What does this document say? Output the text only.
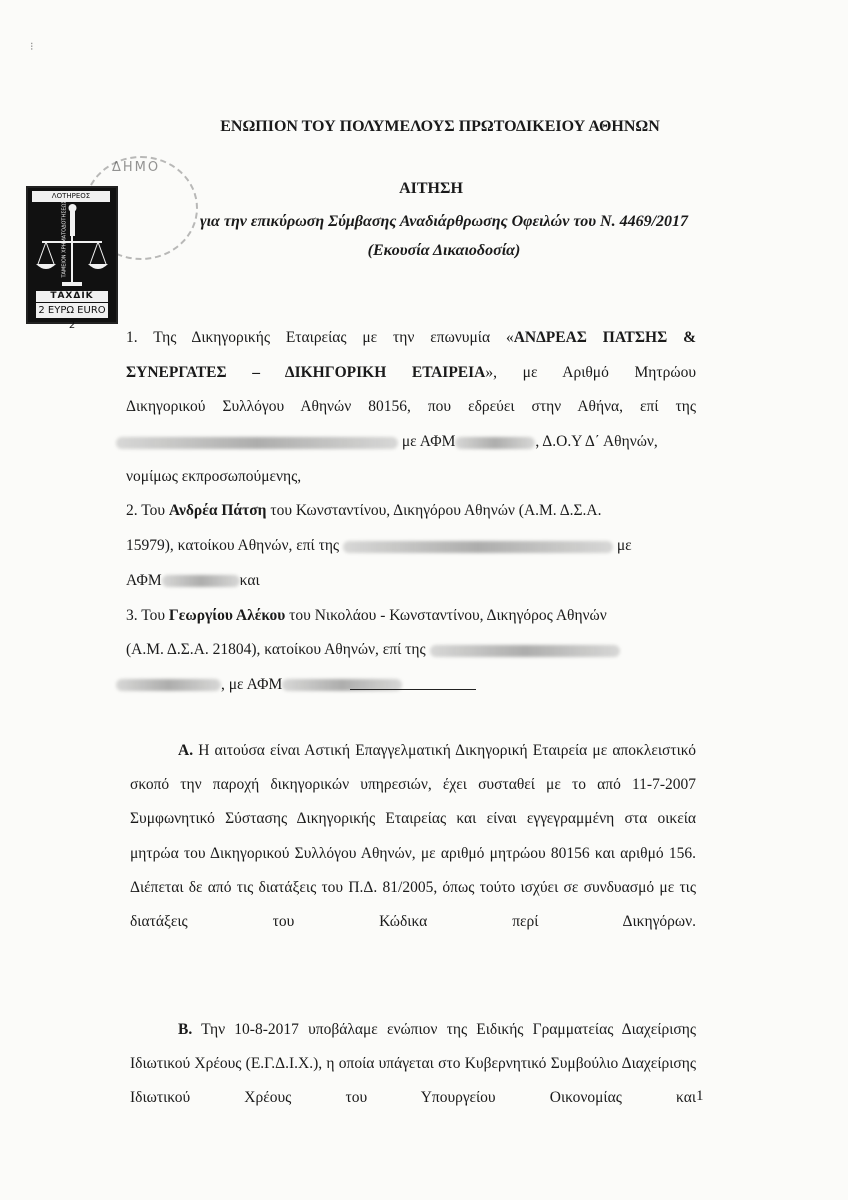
⁝
ΔΗΜΟ
ΛΟΤΗΡΕΟΣ
ΤΑΜΕΙΟΝ ΧΡΗΜΑΤΟΔΟΤΗΣΕΩΣ
ΤΑΧΔΙΚ
2 ΕΥΡΩ EURO 2
ΕΝΩΠΙΟΝ ΤΟΥ ΠΟΛΥΜΕΛΟΥΣ ΠΡΩΤΟΔΙΚΕΙΟΥ ΑΘΗΝΩΝ
ΑΙΤΗΣΗ
για την επικύρωση Σύμβασης Αναδιάρθρωσης Οφειλών του Ν. 4469/2017
(Εκουσία Δικαιοδοσία)
1. Της Δικηγορικής Εταιρείας με την επωνυμία «ΑΝΔΡΕΑΣ ΠΑΤΣΗΣ &
ΣΥΝΕΡΓΑΤΕΣ – ΔΙΚΗΓΟΡΙΚΗ ΕΤΑΙΡΕΙΑ», με Αριθμό Μητρώου
Δικηγορικού Συλλόγου Αθηνών 80156, που εδρεύει στην Αθήνα, επί της
με ΑΦΜ	, Δ.Ο.Υ Δ΄ Αθηνών,
νομίμως εκπροσωπούμενης,
2. Του Ανδρέα Πάτση του Κωνσταντίνου, Δικηγόρου Αθηνών (Α.Μ. Δ.Σ.Α.
15979), κατοίκου Αθηνών, επί της	με
ΑΦΜ	και
3. Του Γεωργίου Αλέκου του Νικολάου - Κωνσταντίνου, Δικηγόρος Αθηνών
(Α.Μ. Δ.Σ.Α. 21804), κατοίκου Αθηνών, επί της
, με ΑΦΜ
Α. Η αιτούσα είναι Αστική Επαγγελματική Δικηγορική Εταιρεία με αποκλειστικό σκοπό την παροχή δικηγορικών υπηρεσιών, έχει συσταθεί με το από 11-7-2007 Συμφωνητικό Σύστασης Δικηγορικής Εταιρείας και είναι εγγεγραμμένη στα οικεία μητρώα του Δικηγορικού Συλλόγου Αθηνών, με αριθμό μητρώου 80156 και αριθμό 156. Διέπεται δε από τις διατάξεις του Π.Δ. 81/2005, όπως τούτο ισχύει σε συνδυασμό με τις διατάξεις του Κώδικα περί Δικηγόρων.
Β. Την 10-8-2017 υποβάλαμε ενώπιον της Ειδικής Γραμματείας Διαχείρισης Ιδιωτικού Χρέους (Ε.Γ.Δ.Ι.Χ.), η οποία υπάγεται στο Κυβερνητικό Συμβούλιο Διαχείρισης Ιδιωτικού Χρέους του Υπουργείου Οικονομίας και 1
